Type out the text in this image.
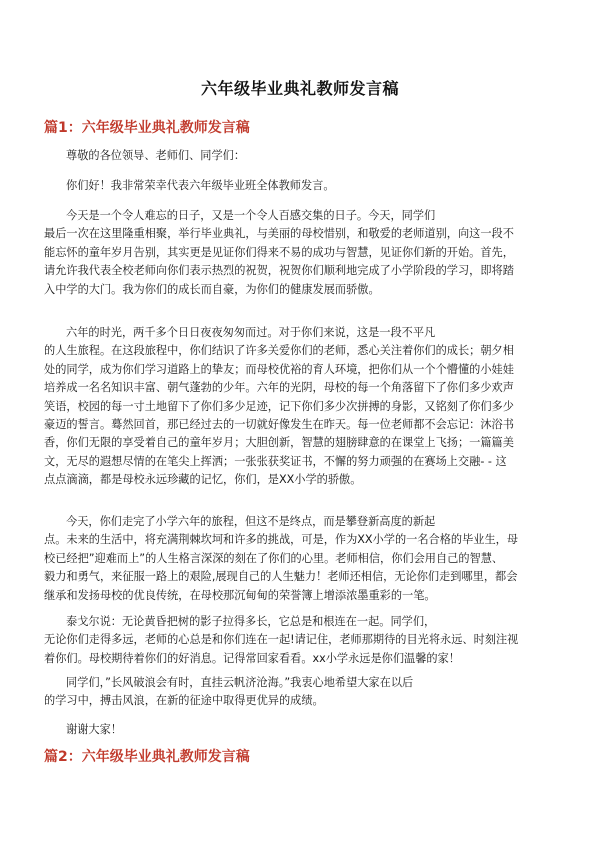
六年级毕业典礼教师发言稿
篇1：六年级毕业典礼教师发言稿
尊敬的各位领导、老师们、同学们：
你们好！我非常荣幸代表六年级毕业班全体教师发言。
今天是一个令人难忘的日子，又是一个令人百感交集的日子。今天，同学们
最后一次在这里隆重相聚，举行毕业典礼，与美丽的母校惜别，和敬爱的老师道别，向这一段不
能忘怀的童年岁月告别，其实更是见证你们得来不易的成功与智慧，见证你们新的开始。首先，
请允许我代表全校老师向你们表示热烈的祝贺，祝贺你们顺利地完成了小学阶段的学习，即将踏
入中学的大门。我为你们的成长而自豪，为你们的健康发展而骄傲。
六年的时光，两千多个日日夜夜匆匆而过。对于你们来说，这是一段不平凡
的人生旅程。在这段旅程中，你们结识了许多关爱你们的老师，悉心关注着你们的成长；朝夕相
处的同学，成为你们学习道路上的挚友；而母校优裕的育人环境，把你们从一个个懵懂的小娃娃
培养成一名名知识丰富、朝气蓬勃的少年。六年的光阴，母校的每一个角落留下了你们多少欢声
笑语，校园的每一寸土地留下了你们多少足迹，记下你们多少次拼搏的身影，又铭刻了你们多少
豪迈的誓言。蓦然回首，那已经过去的一切就好像发生在昨天。每一位老师都不会忘记：沐浴书
香，你们无限的享受着自己的童年岁月；大胆创新，智慧的翅膀肆意的在课堂上飞扬；一篇篇美
文，无尽的遐想尽情的在笔尖上挥洒；一张张获奖证书，不懈的努力顽强的在赛场上交融- - 这
点点滴滴，都是母校永远珍藏的记忆，你们，是XX小学的骄傲。
今天，你们走完了小学六年的旅程，但这不是终点，而是攀登新高度的新起
点。未来的生活中，将充满荆棘坎坷和许多的挑战，可是，作为XX小学的一名合格的毕业生，母
校已经把”迎难而上”的人生格言深深的刻在了你们的心里。老师相信，你们会用自己的智慧、
毅力和勇气，来征服一路上的艰险,展现自己的人生魅力！老师还相信，无论你们走到哪里，都会
继承和发扬母校的优良传统，在母校那沉甸甸的荣誉簿上增添浓墨重彩的一笔。
泰戈尔说：无论黄昏把树的影子拉得多长，它总是和根连在一起。同学们，
无论你们走得多远，老师的心总是和你们连在一起!请记住，老师那期待的目光将永远、时刻注视
着你们。母校期待着你们的好消息。记得常回家看看。xx小学永远是你们温馨的家！
同学们，”长风破浪会有时，直挂云帆济沧海。”我衷心地希望大家在以后
的学习中，搏击风浪，在新的征途中取得更优异的成绩。
谢谢大家！
篇2：六年级毕业典礼教师发言稿
